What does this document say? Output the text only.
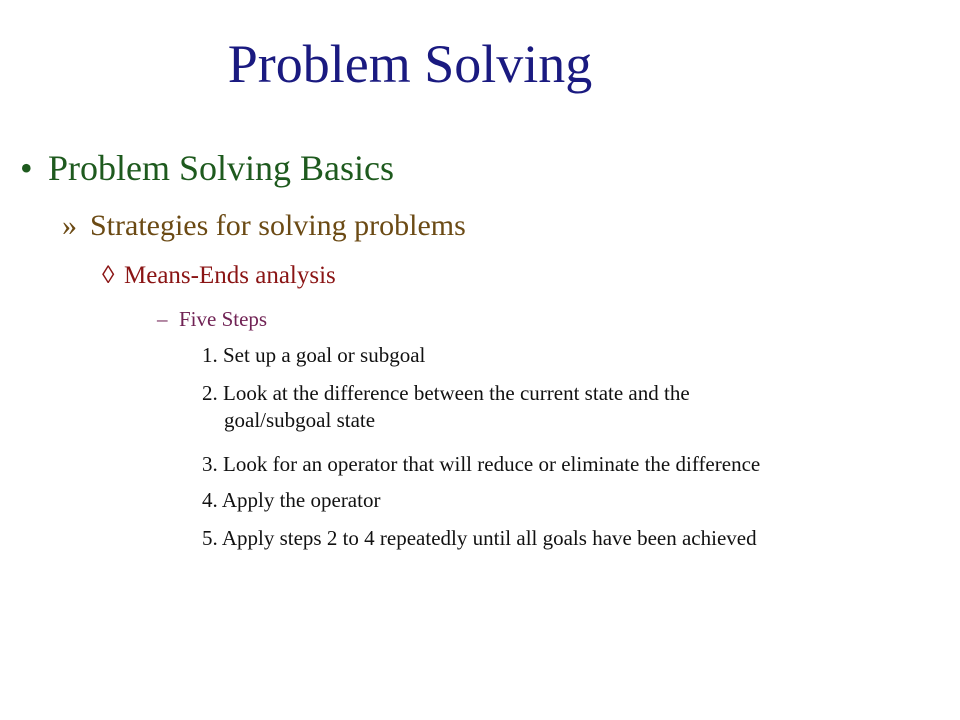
Problem Solving
• Problem Solving Basics
» Strategies for solving problems
◊ Means-Ends analysis
– Five Steps
1. Set up a goal or subgoal
2. Look at the difference between the current state and the
goal/subgoal state
3. Look for an operator that will reduce or eliminate the difference
4. Apply the operator
5. Apply steps 2 to 4 repeatedly until all goals have been achieved
